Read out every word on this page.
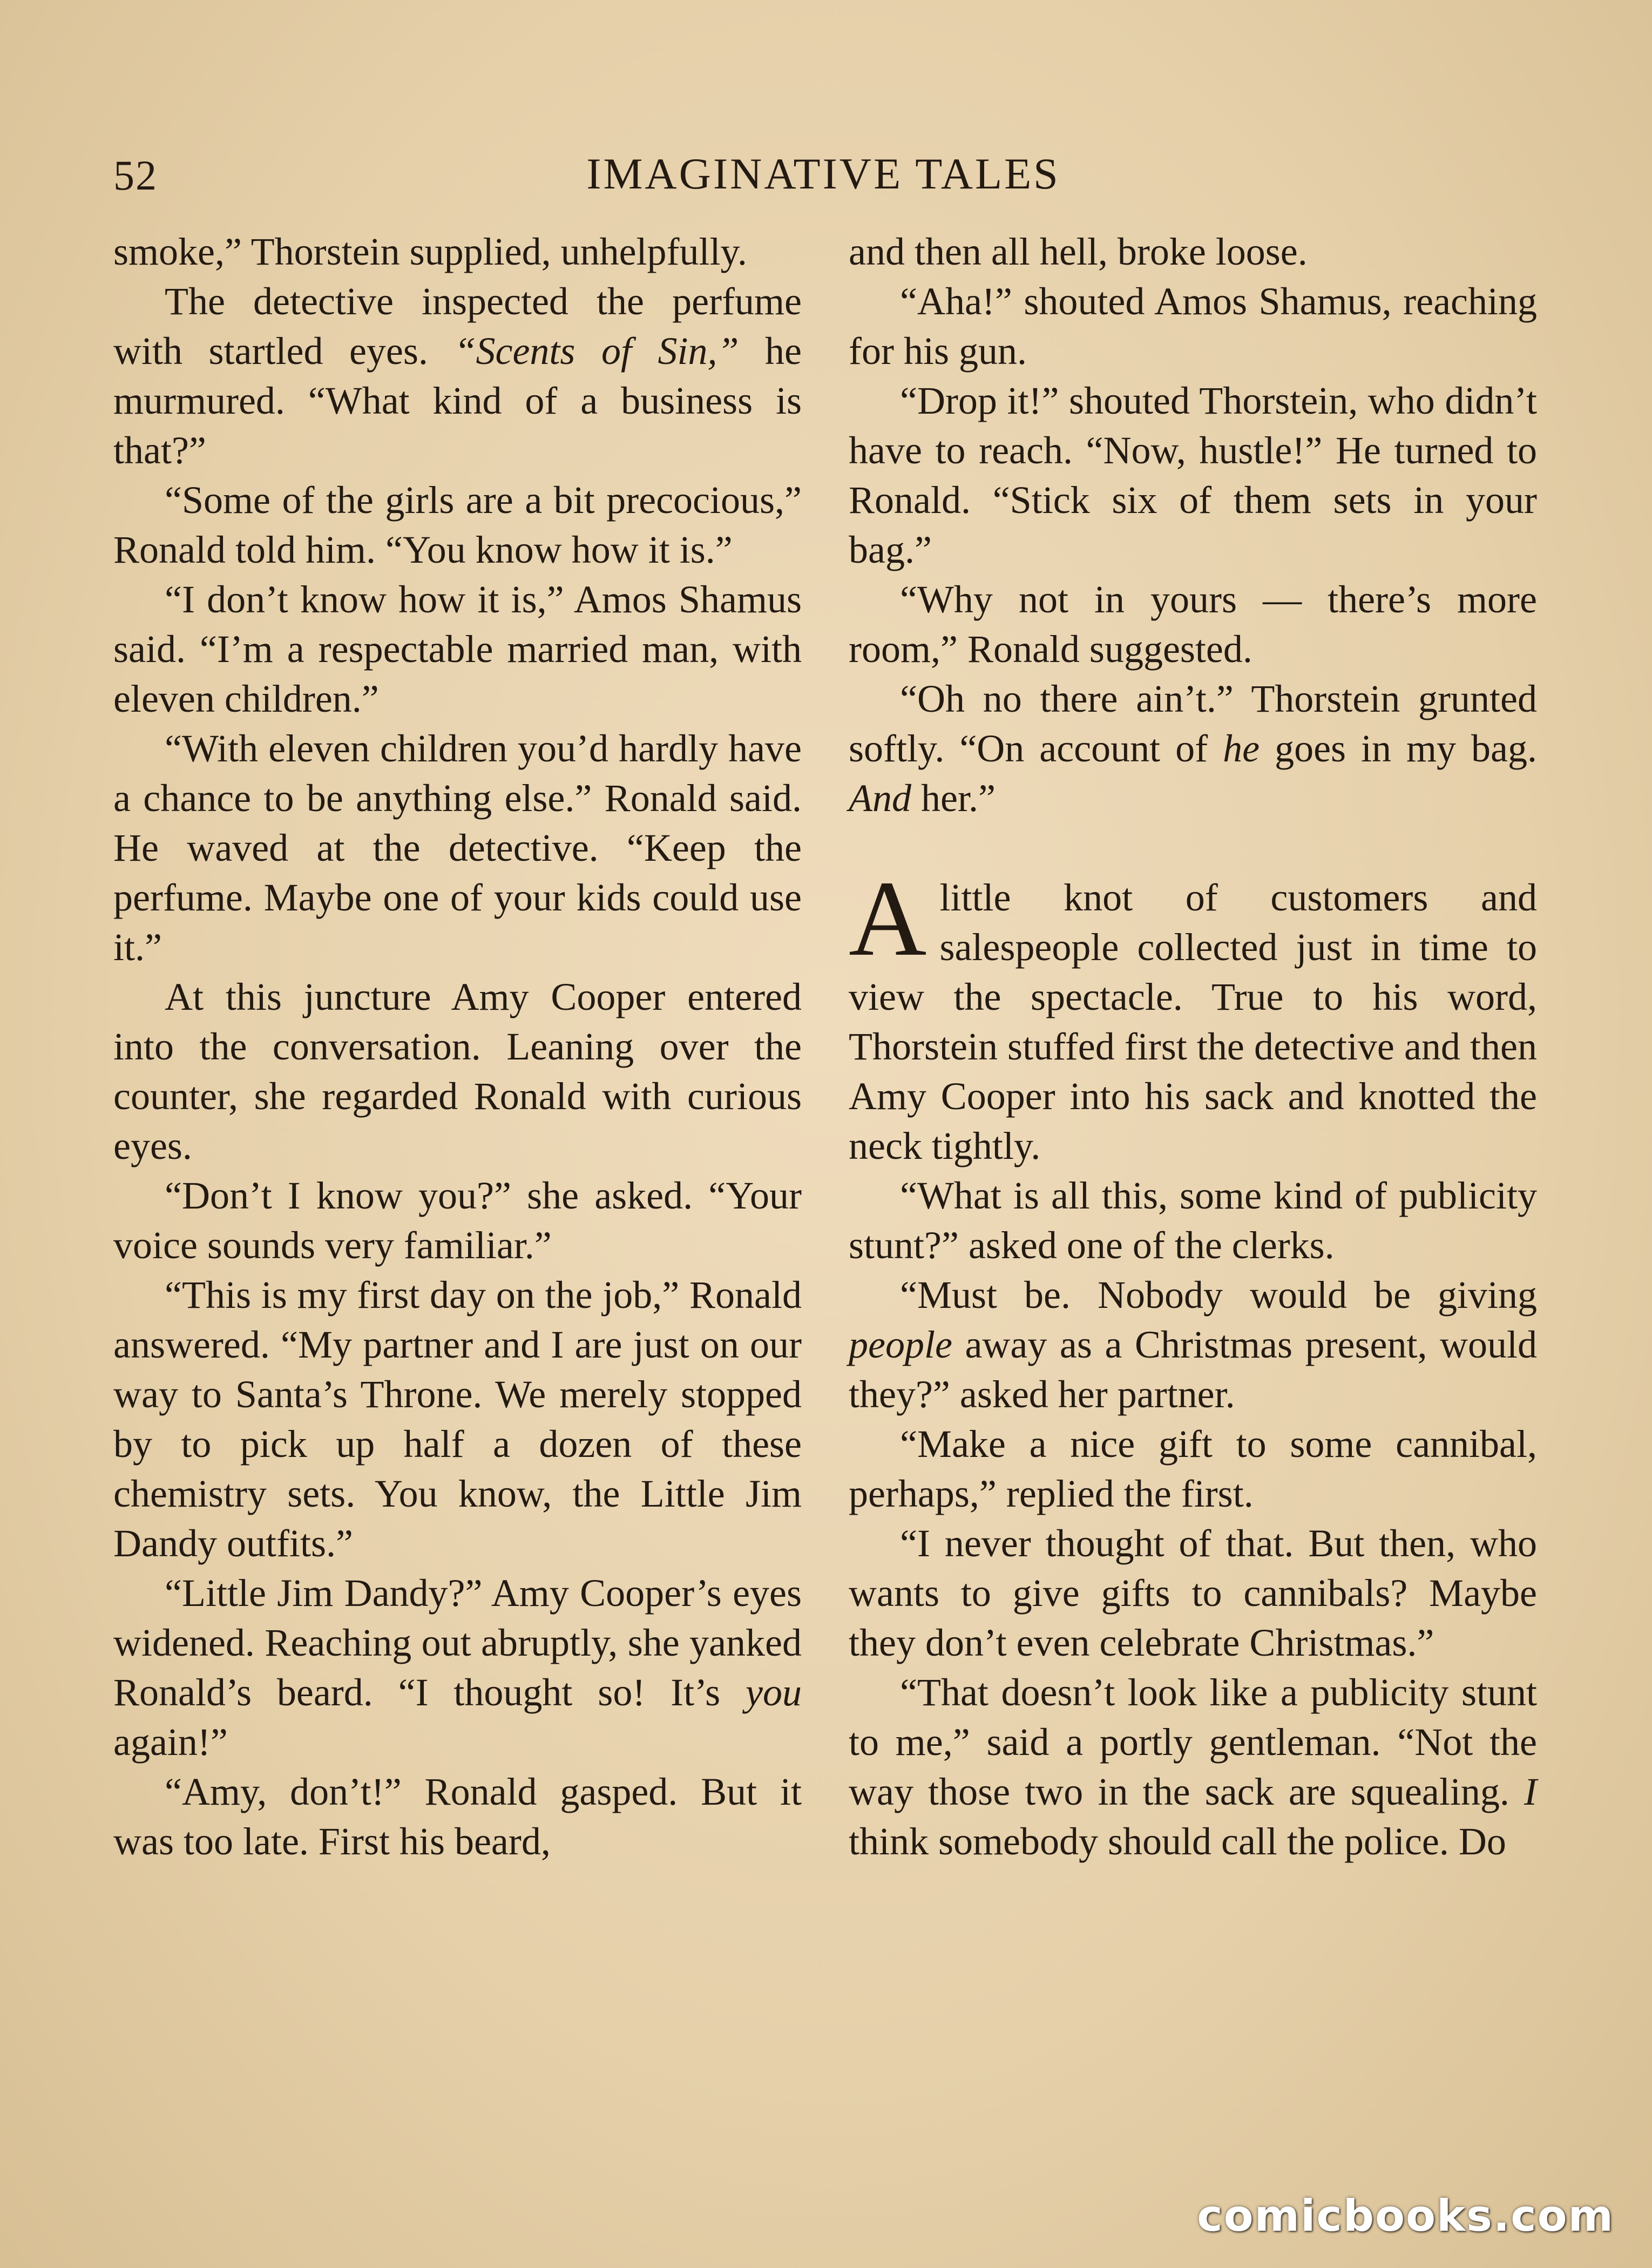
52	IMAGINATIVE TALES

smoke,” Thorstein supplied, unhelpfully.

The detective inspected the perfume with startled eyes. “Scents of Sin,” he murmured. “What kind of a business is that?”

“Some of the girls are a bit precocious,” Ronald told him. “You know how it is.”

“I don’t know how it is,” Amos Shamus said. “I’m a respectable married man, with eleven children.”

“With eleven children you’d hardly have a chance to be anything else.” Ronald said. He waved at the detective. “Keep the perfume. Maybe one of your kids could use it.”

At this juncture Amy Cooper entered into the conversation. Leaning over the counter, she regarded Ronald with curious eyes.

“Don’t I know you?” she asked. “Your voice sounds very familiar.”

“This is my first day on the job,” Ronald answered. “My partner and I are just on our way to Santa’s Throne. We merely stopped by to pick up half a dozen of these chemistry sets. You know, the Little Jim Dandy outfits.”

“Little Jim Dandy?” Amy Cooper’s eyes widened. Reaching out abruptly, she yanked Ronald’s beard. “I thought so! It’s you again!”

“Amy, don’t!” Ronald gasped. But it was too late. First his beard,

and then all hell, broke loose.

“Aha!” shouted Amos Shamus, reaching for his gun.

“Drop it!” shouted Thorstein, who didn’t have to reach. “Now, hustle!” He turned to Ronald. “Stick six of them sets in your bag.”

“Why not in yours — there’s more room,” Ronald suggested.

“Oh no there ain’t.” Thorstein grunted softly. “On account of he goes in my bag. And her.”

Alittle knot of customers and salespeople collected just in time to view the spectacle. True to his word, Thorstein stuffed first the detective and then Amy Cooper into his sack and knotted the neck tightly.

“What is all this, some kind of publicity stunt?” asked one of the clerks.

“Must be. Nobody would be giving people away as a Christmas present, would they?” asked her partner.

“Make a nice gift to some cannibal, perhaps,” replied the first.

“I never thought of that. But then, who wants to give gifts to cannibals? Maybe they don’t even celebrate Christmas.”

“That doesn’t look like a publicity stunt to me,” said a portly gentleman. “Not the way those two in the sack are squealing. I think somebody should call the police. Do

comicbooks.com
